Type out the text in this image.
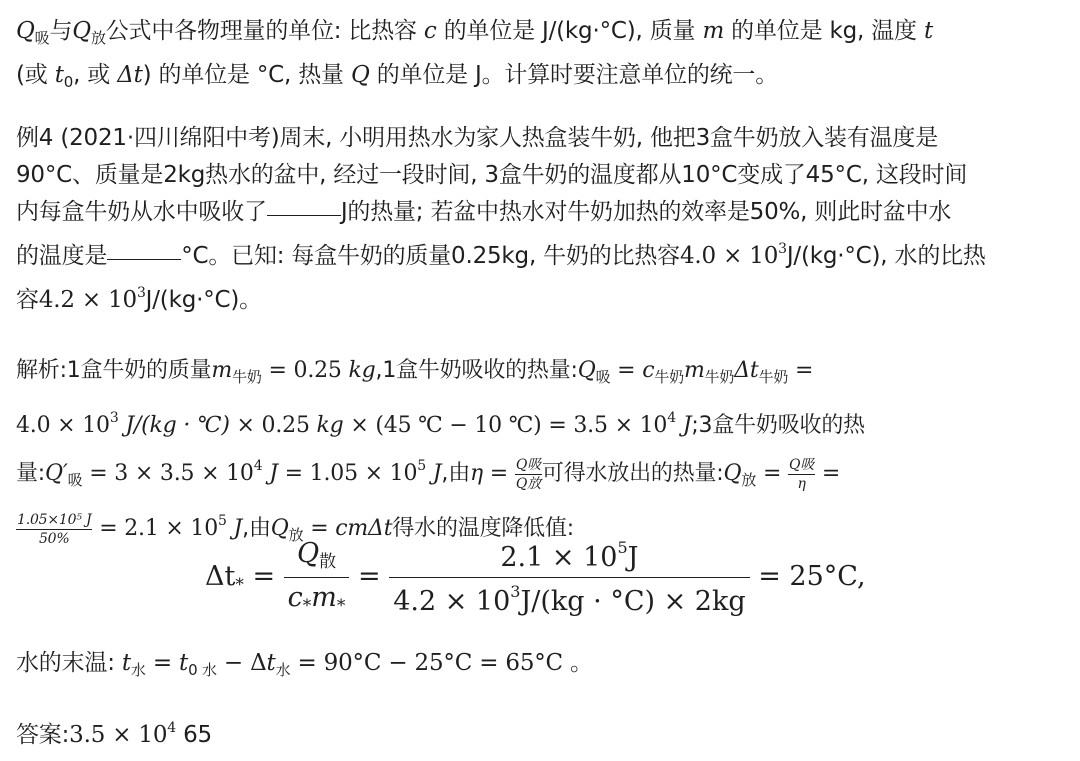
$Q_吸$与$Q_放$公式中各物理量的单位: 比热容 c 的单位是 J/(kg·°C), 质量 m 的单位是 kg, 温度 t
(或 $t_0$, 或 Δt) 的单位是 °C, 热量 Q 的单位是 J。计算时要注意单位的统一。
例4 (2021·四川绵阳中考)周末, 小明用热水为家人热盒装牛奶, 他把3盒牛奶放入装有温度是
90°C、质量是2kg热水的盆中, 经过一段时间, 3盒牛奶的温度都从10°C变成了45°C, 这段时间
内每盒牛奶从水中吸收了	J的热量; 若盆中热水对牛奶加热的效率是50%, 则此时盆中水
的温度是	°C。已知: 每盒牛奶的质量0.25kg, 牛奶的比热容$4.0 \times 10^3J/(kg\cdot^\circ C)$, 水的比热
容$4.2 \times 10^3J/(kg\cdot^\circ C)$。
解析:1盒牛奶的质量$m_{牛奶} = 0.25$ kg,1盒牛奶吸收的热量$:Q_吸 = c_{牛奶}m_{牛奶}\Delta t_{牛奶}$ =
$4.0 \times 10^3$ J/(kg · ℃) × 0.25 kg × (45 ℃ − 10 ℃) = $3.5 \times 10^4$ J;3盒牛奶吸收的热
量$:Q'_吸 = 3 \times 3.5 \times 10^4$ $J = 1.05 \times 10^5$ J,由$\eta = \frac{\text{Q吸}}{\text{Q放}}$ 可得水放出的热量$:Q_放 = \frac{\text{Q吸}}{\eta}$ =
$\frac{\text{1.05×10⁵ J}}{50\%} = 2.1 \times 10^5$ J,由$Q_放 = cm\Delta t$得水的温度降低值:
$\Delta t_* = \frac{Q_散}{c_*m_*} = \frac{2.1 \times 10^5J}{4.2 \times 10^3J/(kg \cdot ^\circ C) \times 2kg} = 25^\circ C$,
水的末温: $t_水 = t_{0 水} - \Delta t_水 = 90^\circ C - 25^\circ C = 65^\circ C$ 。
答案:3.5 × $10^4$ 65
